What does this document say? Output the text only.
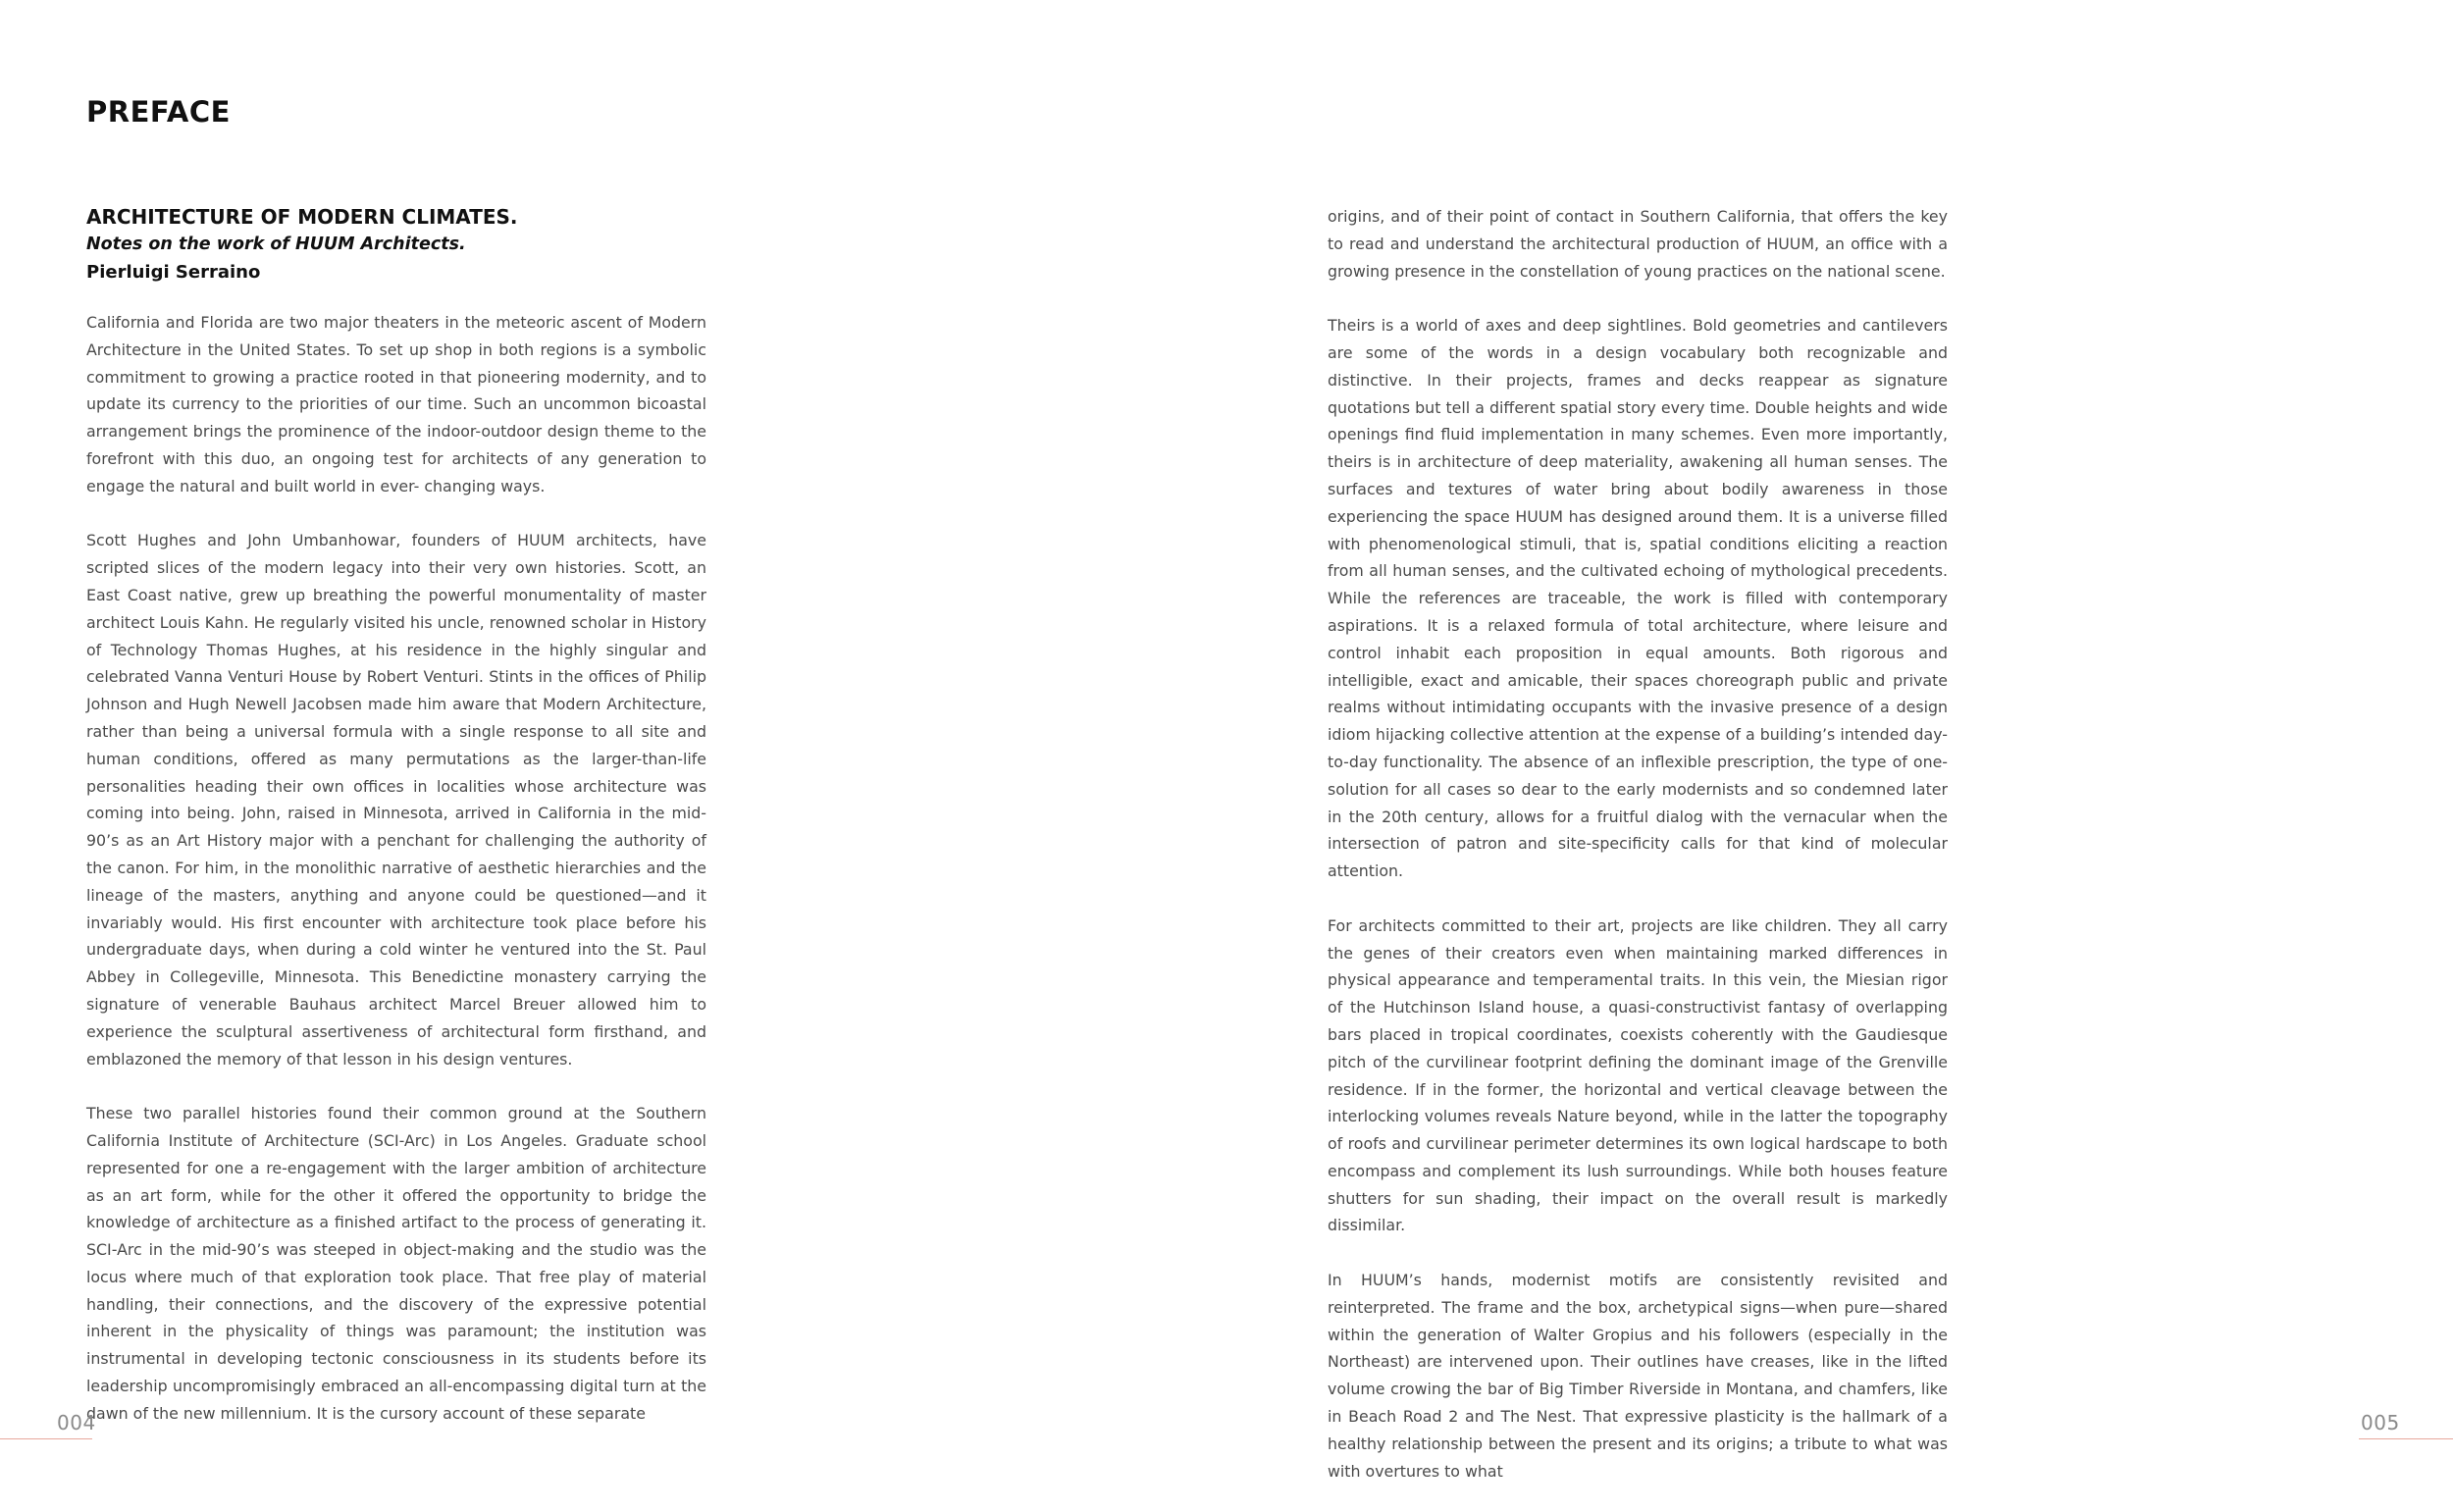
PREFACE

ARCHITECTURE OF MODERN CLIMATES.

Notes on the work of HUUM Architects.

Pierluigi Serraino

California and Florida are two major theaters in the meteoric ascent of Modern Architecture in the United States. To set up shop in both regions is a symbolic commitment to growing a practice rooted in that pioneering modernity, and to update its currency to the priorities of our time. Such an uncommon bicoastal arrangement brings the prominence of the indoor-outdoor design theme to the forefront with this duo, an ongoing test for architects of any generation to engage the natural and built world in ever- changing ways.

Scott Hughes and John Umbanhowar, founders of HUUM architects, have scripted slices of the modern legacy into their very own histories. Scott, an East Coast native, grew up breathing the powerful monumentality of master architect Louis Kahn. He regularly visited his uncle, renowned scholar in History of Technology Thomas Hughes, at his residence in the highly singular and celebrated Vanna Venturi House by Robert Venturi. Stints in the offices of Philip Johnson and Hugh Newell Jacobsen made him aware that Modern Architecture, rather than being a universal formula with a single response to all site and human conditions, offered as many permutations as the larger-than-life personalities heading their own offices in localities whose architecture was coming into being. John, raised in Minnesota, arrived in California in the mid-90’s as an Art History major with a penchant for challenging the authority of the canon. For him, in the monolithic narrative of aesthetic hierarchies and the lineage of the masters, anything and anyone could be questioned—and it invariably would. His first encounter with architecture took place before his undergraduate days, when during a cold winter he ventured into the St. Paul Abbey in Collegeville, Minnesota. This Benedictine monastery carrying the signature of venerable Bauhaus architect Marcel Breuer allowed him to experience the sculptural assertiveness of architectural form firsthand, and emblazoned the memory of that lesson in his design ventures.

These two parallel histories found their common ground at the Southern California Institute of Architecture (SCI-Arc) in Los Angeles. Graduate school represented for one a re-engagement with the larger ambition of architecture as an art form, while for the other it offered the opportunity to bridge the knowledge of architecture as a finished artifact to the process of generating it. SCI-Arc in the mid-90’s was steeped in object-making and the studio was the locus where much of that exploration took place. That free play of material handling, their connections, and the discovery of the expressive potential inherent in the physicality of things was paramount; the institution was instrumental in developing tectonic consciousness in its students before its leadership uncompromisingly embraced an all-encompassing digital turn at the dawn of the new millennium. It is the cursory account of these separate

origins, and of their point of contact in Southern California, that offers the key to read and understand the architectural production of HUUM, an office with a growing presence in the constellation of young practices on the national scene.

Theirs is a world of axes and deep sightlines. Bold geometries and cantilevers are some of the words in a design vocabulary both recognizable and distinctive. In their projects, frames and decks reappear as signature quotations but tell a different spatial story every time. Double heights and wide openings find fluid implementation in many schemes. Even more importantly, theirs is in architecture of deep materiality, awakening all human senses. The surfaces and textures of water bring about bodily awareness in those experiencing the space HUUM has designed around them. It is a universe filled with phenomenological stimuli, that is, spatial conditions eliciting a reaction from all human senses, and the cultivated echoing of mythological precedents. While the references are traceable, the work is filled with contemporary aspirations. It is a relaxed formula of total architecture, where leisure and control inhabit each proposition in equal amounts. Both rigorous and intelligible, exact and amicable, their spaces choreograph public and private realms without intimidating occupants with the invasive presence of a design idiom hijacking collective attention at the expense of a building’s intended day-to-day functionality. The absence of an inflexible prescription, the type of one-solution for all cases so dear to the early modernists and so condemned later in the 20th century, allows for a fruitful dialog with the vernacular when the intersection of patron and site-specificity calls for that kind of molecular attention.

For architects committed to their art, projects are like children. They all carry the genes of their creators even when maintaining marked differences in physical appearance and temperamental traits. In this vein, the Miesian rigor of the Hutchinson Island house, a quasi-constructivist fantasy of overlapping bars placed in tropical coordinates, coexists coherently with the Gaudiesque pitch of the curvilinear footprint defining the dominant image of the Grenville residence. If in the former, the horizontal and vertical cleavage between the interlocking volumes reveals Nature beyond, while in the latter the topography of roofs and curvilinear perimeter determines its own logical hardscape to both encompass and complement its lush surroundings. While both houses feature shutters for sun shading, their impact on the overall result is markedly dissimilar.

In HUUM’s hands, modernist motifs are consistently revisited and reinterpreted. The frame and the box, archetypical signs—when pure—shared within the generation of Walter Gropius and his followers (especially in the Northeast) are intervened upon. Their outlines have creases, like in the lifted volume crowing the bar of Big Timber Riverside in Montana, and chamfers, like in Beach Road 2 and The Nest. That expressive plasticity is the hallmark of a healthy relationship between the present and its origins; a tribute to what was with overtures to what

004	005
